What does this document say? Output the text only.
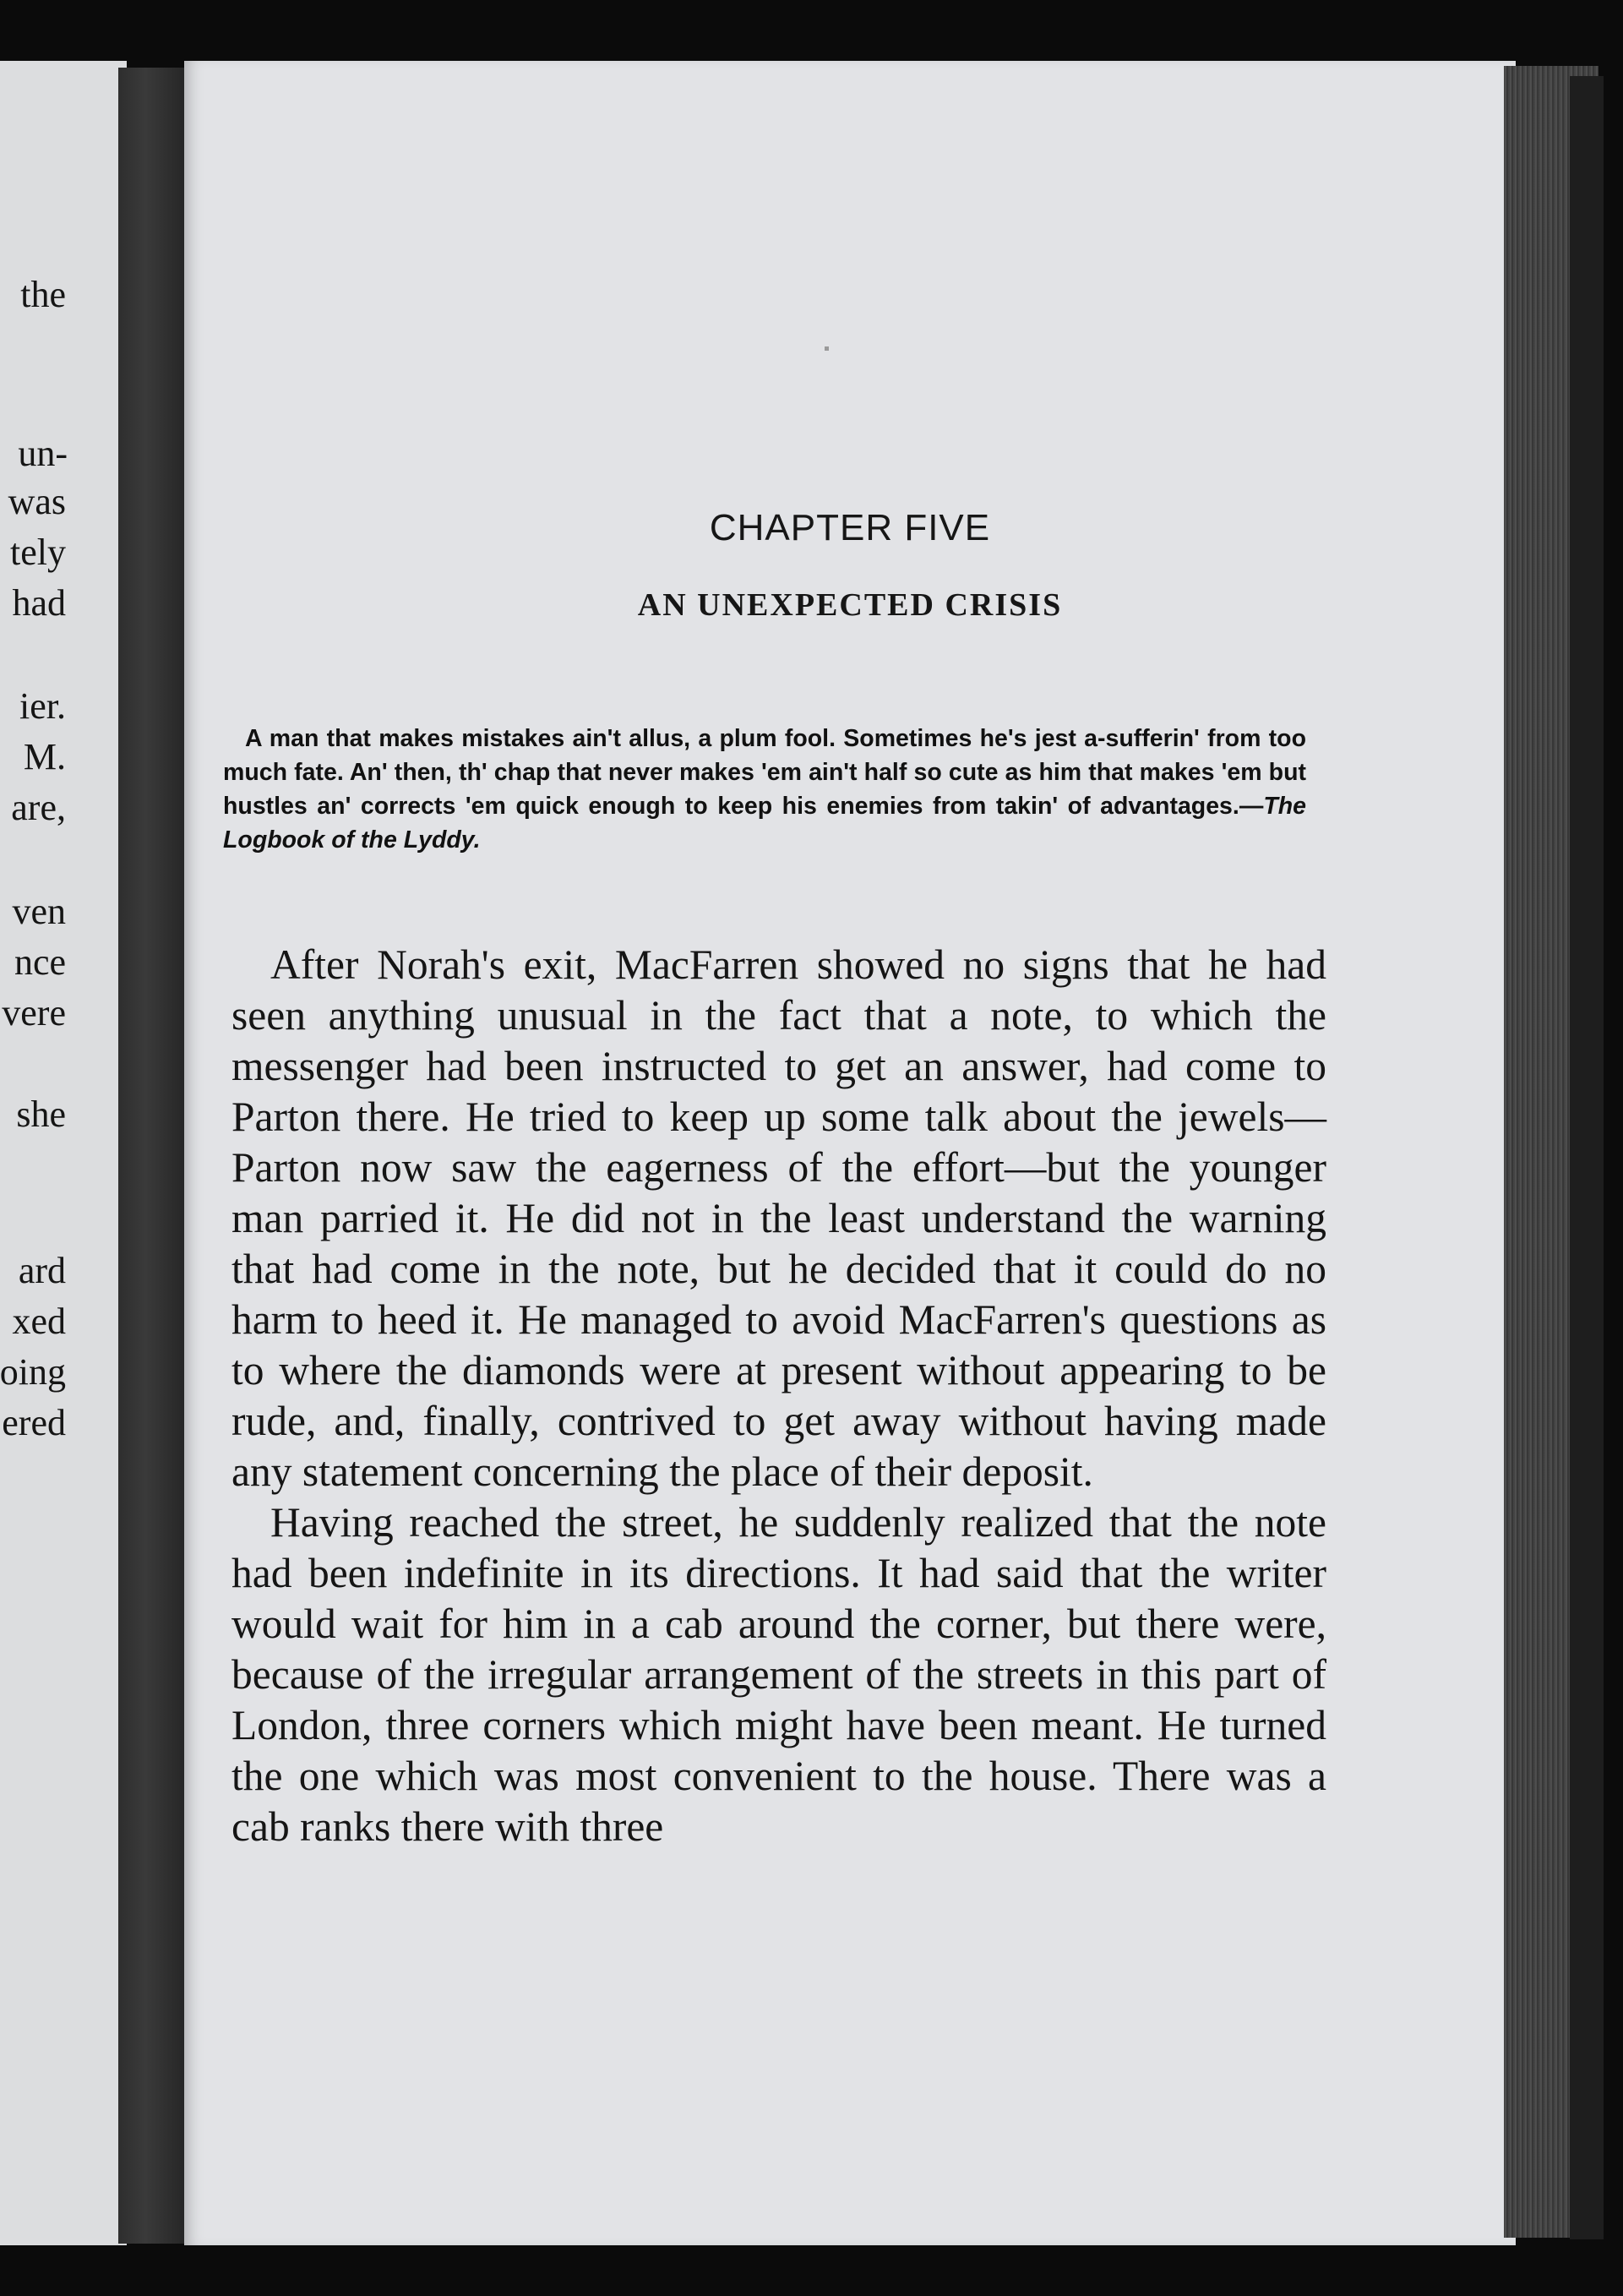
the
un-
was
tely
had
ier.
M.
are,
ven
nce
vere
she
ard
xed
oing
ered
CHAPTER FIVE
AN UNEXPECTED CRISIS
A man that makes mistakes ain't allus, a plum fool. Sometimes he's jest a-sufferin' from too much fate. An' then, th' chap that never makes 'em ain't half so cute as him that makes 'em but hustles an' corrects 'em quick enough to keep his enemies from takin' of advantages.—The Logbook of the Lyddy.

After Norah's exit, MacFarren showed no signs that he had seen anything unusual in the fact that a note, to which the messenger had been instructed to get an answer, had come to Parton there. He tried to keep up some talk about the jewels—Parton now saw the eagerness of the effort—but the younger man parried it. He did not in the least understand the warning that had come in the note, but he decided that it could do no harm to heed it. He managed to avoid MacFarren's questions as to where the diamonds were at present without appearing to be rude, and, finally, contrived to get away without having made any statement concerning the place of their deposit.

Having reached the street, he suddenly realized that the note had been indefinite in its directions. It had said that the writer would wait for him in a cab around the corner, but there were, because of the irregular arrangement of the streets in this part of London, three corners which might have been meant. He turned the one which was most convenient to the house. There was a cab ranks there with three
